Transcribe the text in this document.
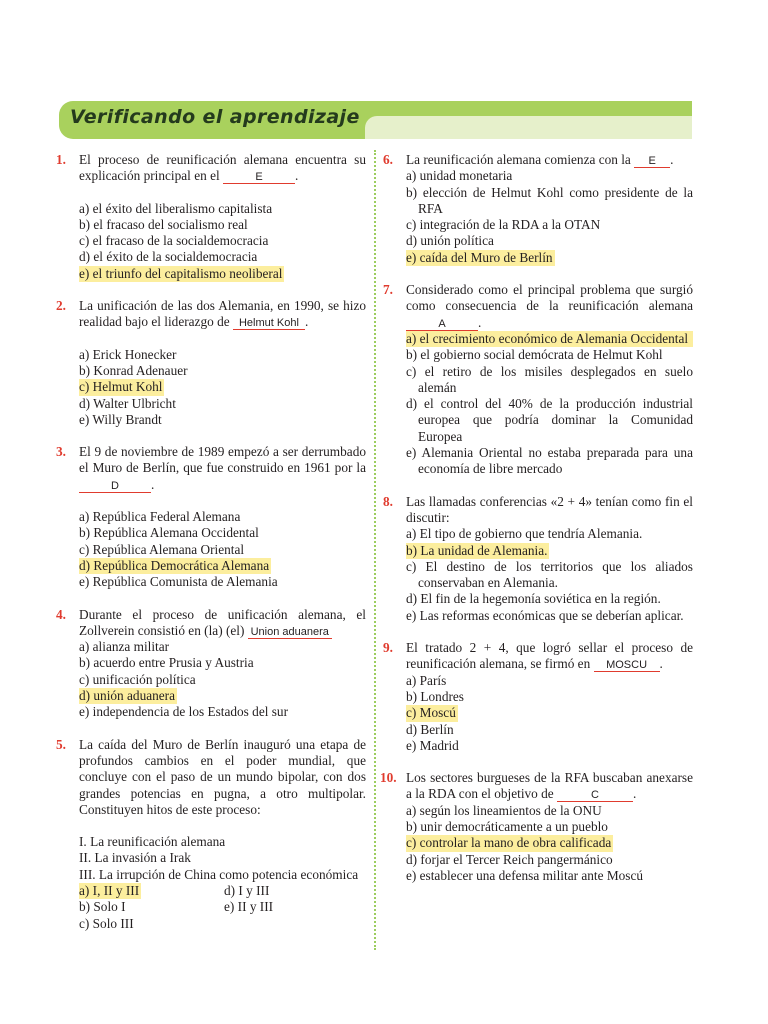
Verificando el aprendizaje
1. El proceso de reunificación alemana encuentra su explicación principal en el	E .
a) el éxito del liberalismo capitalista
b) el fracaso del socialismo real
c) el fracaso de la socialdemocracia
d) el éxito de la socialdemocracia
e) el triunfo del capitalismo neoliberal
2. La unificación de las dos Alemania, en 1990, se hizo realidad bajo el liderazgo de Helmut Kohl .
a) Erick Honecker
b) Konrad Adenauer
c) Helmut Kohl
d) Walter Ulbricht
e) Willy Brandt
3. El 9 de noviembre de 1989 empezó a ser derrumbado el Muro de Berlín, que fue construido en 1961 por la D .
a) República Federal Alemana
b) República Alemana Occidental
c) República Alemana Oriental
d) República Democrática Alemana
e) República Comunista de Alemania
4. Durante el proceso de unificación alemana, el Zollverein consistió en (la) (el) Union aduanera
a) alianza militar
b) acuerdo entre Prusia y Austria
c) unificación política
d) unión aduanera
e) independencia de los Estados del sur
5. La caída del Muro de Berlín inauguró una etapa de profundos cambios en el poder mundial, que concluye con el paso de un mundo bipolar, con dos grandes potencias en pugna, a otro multipolar. Constituyen hitos de este proceso:
I. La reunificación alemana
II. La invasión a Irak
III. La irrupción de China como potencia económica
a) I, II y III	d) I y III
b) Solo I	e) II y III
c) Solo III
6. La reunificación alemana comienza con la E .
a) unidad monetaria
b) elección de Helmut Kohl como presidente de la RFA
c) integración de la RDA a la OTAN
d) unión política
e) caída del Muro de Berlín
7. Considerado como el principal problema que surgió como consecuencia de la reunificación alemana A .
a) el crecimiento económico de Alemania Occidental
b) el gobierno social demócrata de Helmut Kohl
c) el retiro de los misiles desplegados en suelo alemán
d) el control del 40% de la producción industrial europea que podría dominar la Comunidad Europea
e) Alemania Oriental no estaba preparada para una economía de libre mercado
8. Las llamadas conferencias «2 + 4» tenían como fin el discutir:
a) El tipo de gobierno que tendría Alemania.
b) La unidad de Alemania.
c) El destino de los territorios que los aliados conservaban en Alemania.
d) El fin de la hegemonía soviética en la región.
e) Las reformas económicas que se deberían aplicar.
9. El tratado 2 + 4, que logró sellar el proceso de reunificación alemana, se firmó en MOSCU .
a) París
b) Londres
c) Moscú
d) Berlín
e) Madrid
10. Los sectores burgueses de la RFA buscaban anexarse a la RDA con el objetivo de	C	.
a) según los lineamientos de la ONU
b) unir democráticamente a un pueblo
c) controlar la mano de obra calificada
d) forjar el Tercer Reich pangermánico
e) establecer una defensa militar ante Moscú
